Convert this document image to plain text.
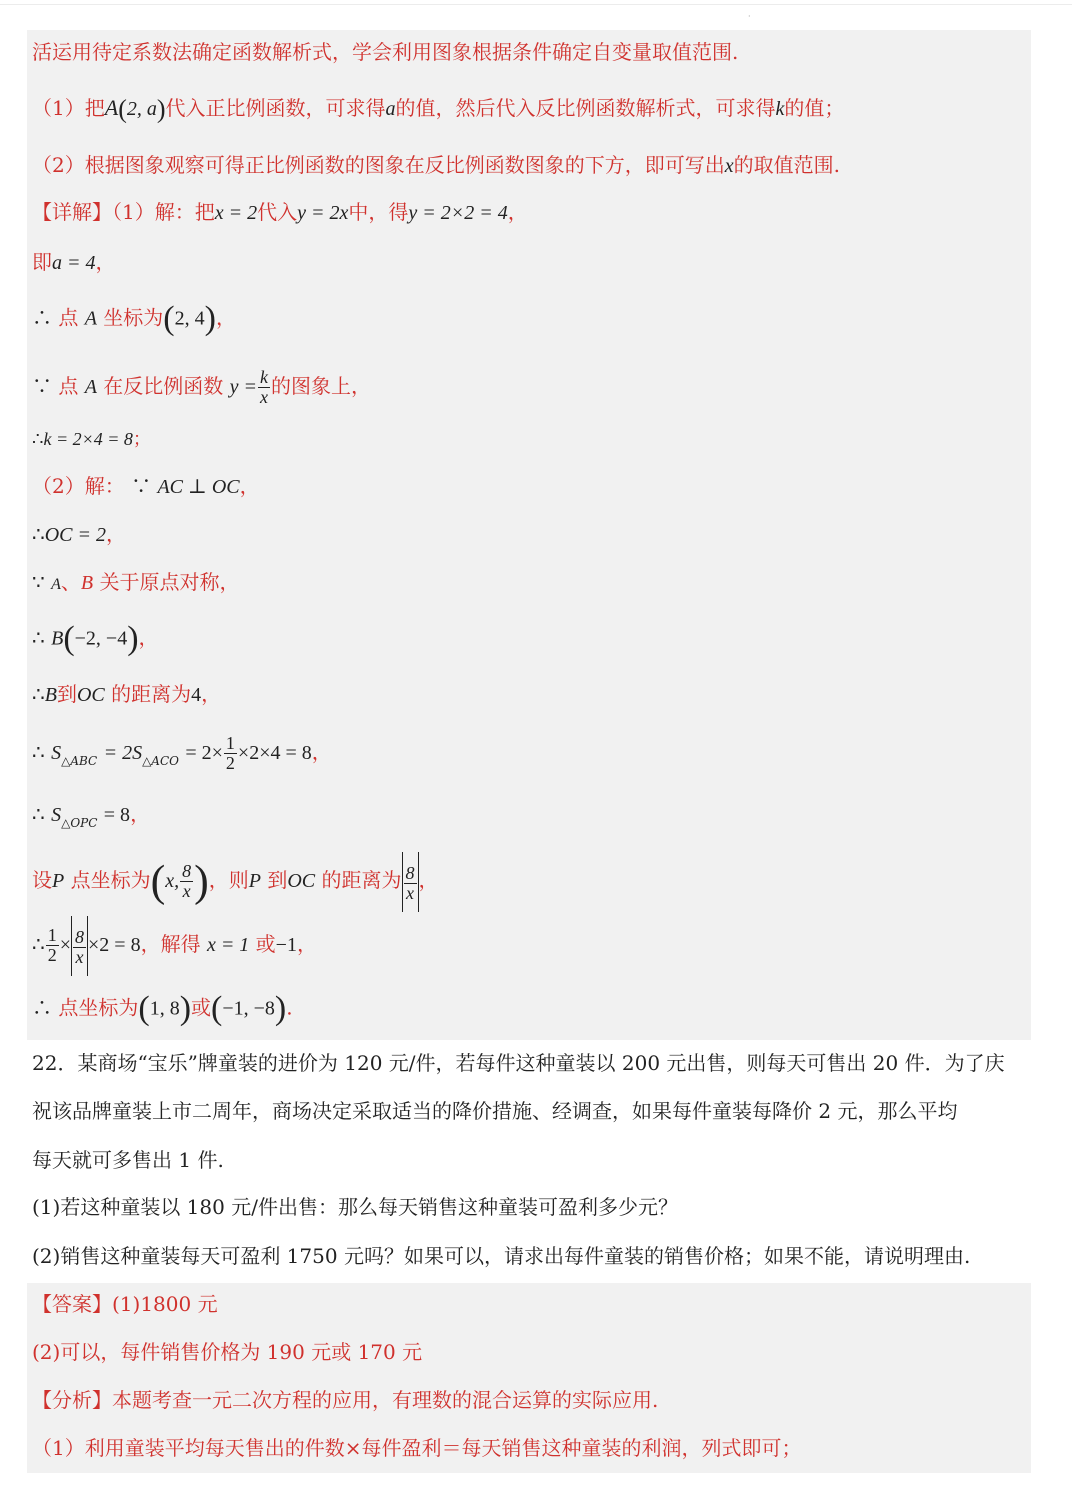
·
活运用待定系数法确定函数解析式，学会利用图象根据条件确定自变量取值范围.
（1）把A(2, a)代入正比例函数，可求得a的值，然后代入反比例函数解析式，可求得k的值；
（2）根据图象观察可得正比例函数的图象在反比例函数图象的下方，即可写出x的取值范围.
【详解】（1）解：把x = 2代入y = 2x中，得y = 2×2 = 4，
即a = 4，
∴ 点 A 坐标为(2, 4)，
∵ 点 A 在反比例函数 $y = \frac{k}{x}$ 的图象上，
∴k = 2×4 = 8；
（2）解： ∵ AC ⊥ OC，
∴OC = 2，
∵ A、B 关于原点对称，
∴ B(−2, −4)，
∴B到OC 的距离为4，
∴ $S_{\triangle ABC} = 2S_{\triangle ACO} = 2\times \frac{1}{2} \times 2\times 4 = 8$，
∴ $S_{\triangle OPC} = 8$，
设P 点坐标为(x, $\frac{8}{x}$ )，则P 到OC 的距离为 $\frac{8}{x}$ ，
∴ $\frac{1}{2} \times \frac{8}{x} \times 2 = 8$，解得 x = 1 或−1，
∴ 点坐标为(1, 8)或(−1, −8).
22．某商场“宝乐”牌童装的进价为 120 元/件，若每件这种童装以 200 元出售，则每天可售出 20 件．为了庆
祝该品牌童装上市二周年，商场决定采取适当的降价措施、经调查，如果每件童装每降价 2 元，那么平均
每天就可多售出 1 件.
(1)若这种童装以 180 元/件出售：那么每天销售这种童装可盈利多少元？
(2)销售这种童装每天可盈利 1750 元吗？如果可以，请求出每件童装的销售价格；如果不能，请说明理由.
【答案】(1)1800 元
(2)可以，每件销售价格为 190 元或 170 元
【分析】本题考查一元二次方程的应用，有理数的混合运算的实际应用.
（1）利用童装平均每天售出的件数×每件盈利＝每天销售这种童装的利润，列式即可；
